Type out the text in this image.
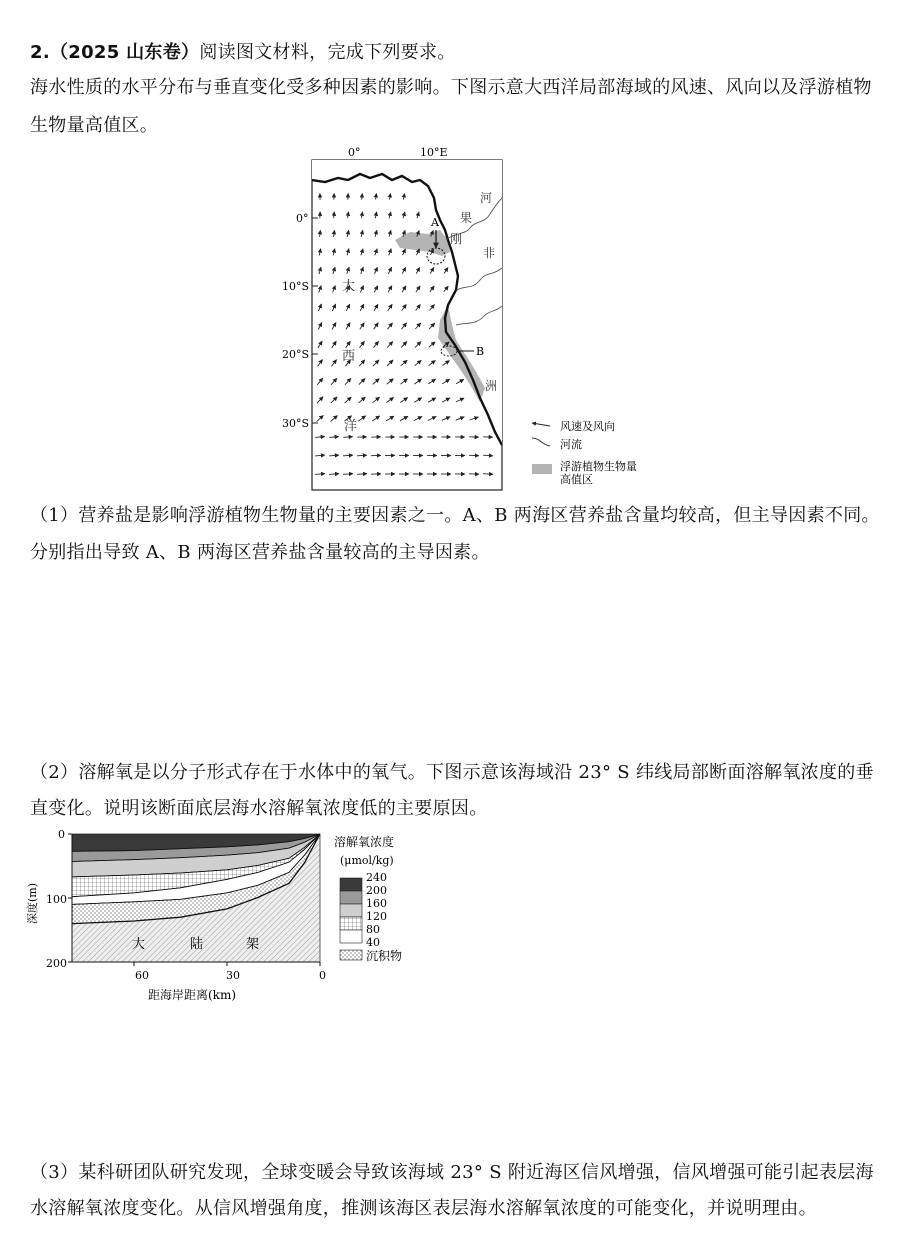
2.（2025 山东卷）阅读图文材料，完成下列要求。
海水性质的水平分布与垂直变化受多种因素的影响。下图示意大西洋局部海域的风速、风向以及浮游植物
生物量高值区。
0°	10°E
0°
10°S
20°S
30°S
大
西
洋
河
果
刚
非
洲
A
B
风速及风向
河流
浮游植物生物量
高值区
（1）营养盐是影响浮游植物生物量的主要因素之一。A、B 两海区营养盐含量均较高，但主导因素不同。
分别指出导致 A、B 两海区营养盐含量较高的主导因素。
（2）溶解氧是以分子形式存在于水体中的氧气。下图示意该海域沿 23° S 纬线局部断面溶解氧浓度的垂
直变化。说明该断面底层海水溶解氧浓度低的主要原因。
0
100
200
60	30	0
距海岸距离(km)
深度(m)
大	陆	架
溶解氧浓度
(μmol/kg)
240
200
160
120
80
40
沉积物
（3）某科研团队研究发现，全球变暖会导致该海域 23° S 附近海区信风增强，信风增强可能引起表层海
水溶解氧浓度变化。从信风增强角度，推测该海区表层海水溶解氧浓度的可能变化，并说明理由。
